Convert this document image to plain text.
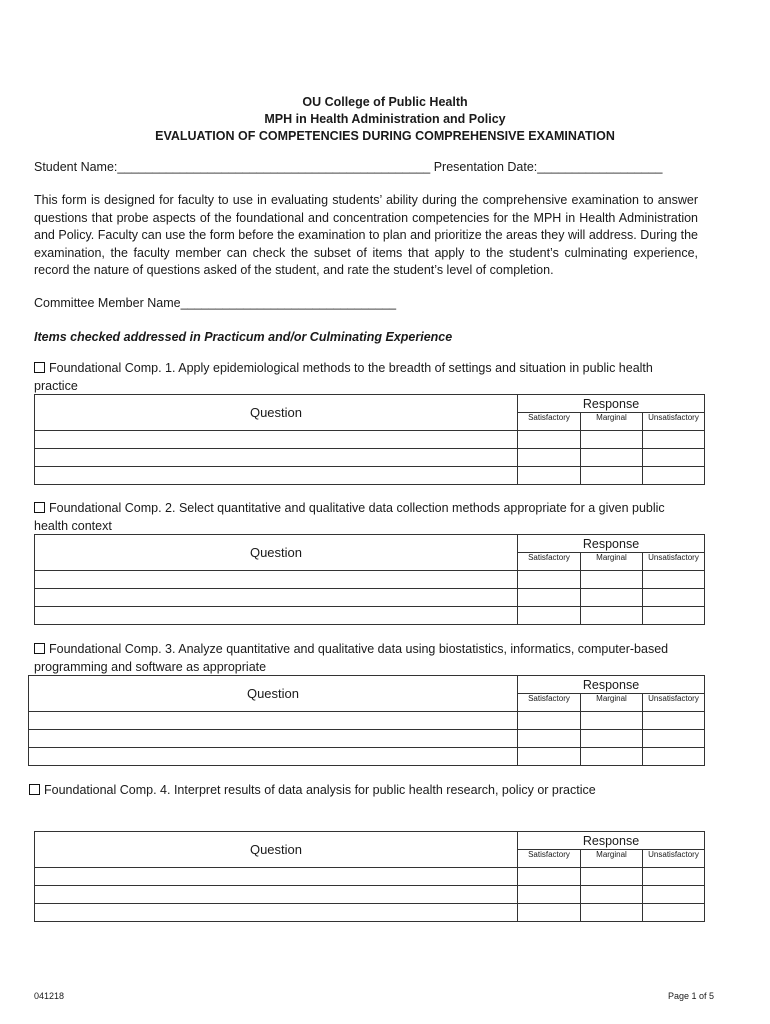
OU College of Public Health
MPH in Health Administration and Policy
EVALUATION OF COMPETENCIES DURING COMPREHENSIVE EXAMINATION
Student Name:_____________________________________________ Presentation Date:__________________
This form is designed for faculty to use in evaluating students’ ability during the comprehensive examination to answer questions that probe aspects of the foundational and concentration competencies for the MPH in Health Administration and Policy. Faculty can use the form before the examination to plan and prioritize the areas they will address. During the examination, the faculty member can check the subset of items that apply to the student’s culminating experience, record the nature of questions asked of the student, and rate the student’s level of completion.
Committee Member Name_______________________________
Items checked addressed in Practicum and/or Culminating Experience
Foundational Comp. 1. Apply epidemiological methods to the breadth of settings and situation in public health practice
Question	Response		
	Satisfactory	Marginal	Unsatisfactory

Foundational Comp. 2. Select quantitative and qualitative data collection methods appropriate for a given public health context
Question	Response		
	Satisfactory	Marginal	Unsatisfactory

Foundational Comp. 3. Analyze quantitative and qualitative data using biostatistics, informatics, computer-based programming and software as appropriate
Question	Response		
	Satisfactory	Marginal	Unsatisfactory

Foundational Comp. 4. Interpret results of data analysis for public health research, policy or practice
Question	Response		
	Satisfactory	Marginal	Unsatisfactory

041218	Page 1 of 5
